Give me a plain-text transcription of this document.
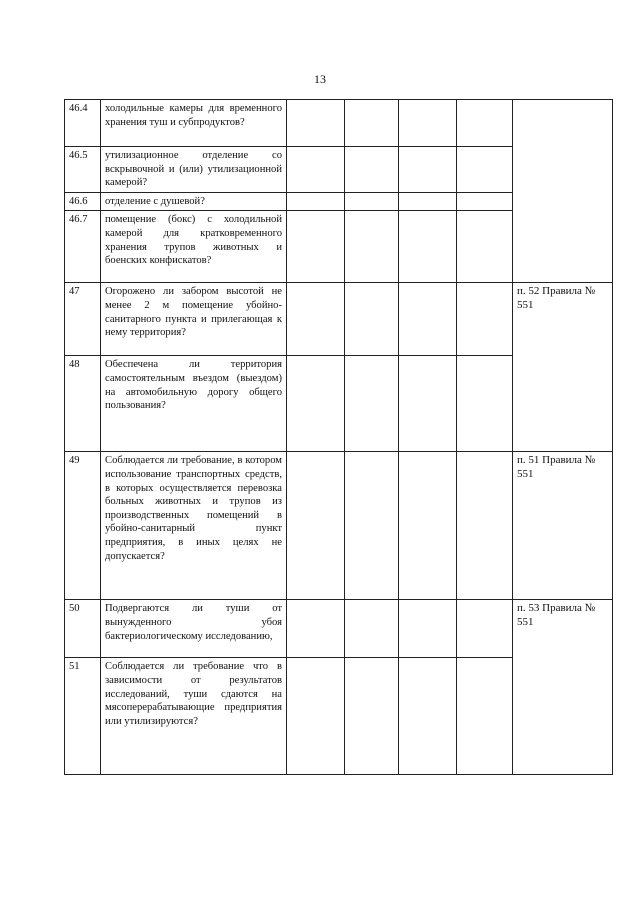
13
46.4	холодильные камеры для временного хранения туш и субпродуктов?					
46.5	утилизационное отделение со вскрывочной и (или) утилизационной камерой?					
46.6	отделение с душевой?					
46.7	помещение (бокс) с холодильной камерой для кратковременного хранения трупов животных и боенских конфискатов?					
47	Огорожено ли забором высотой не менее 2 м помещение убойно-санитарного пункта и прилегающая к нему территория?					п. 52 Правила № 551
48	Обеспечена ли территория самостоятельным въездом (выездом) на автомобильную дорогу общего пользования?					
49	Соблюдается ли требование, в котором использование транспортных средств, в которых осуществляется перевозка больных животных и трупов из производственных помещений в убойно-санитарный пункт предприятия, в иных целях не допускается?					п. 51 Правила № 551
50	Подвергаются ли туши от вынужденного убоя бактериологическому исследованию,					п. 53 Правила № 551
51	Соблюдается ли требование что в зависимости от результатов исследований, туши сдаются на мясоперерабатывающие предприятия или утилизируются?					
